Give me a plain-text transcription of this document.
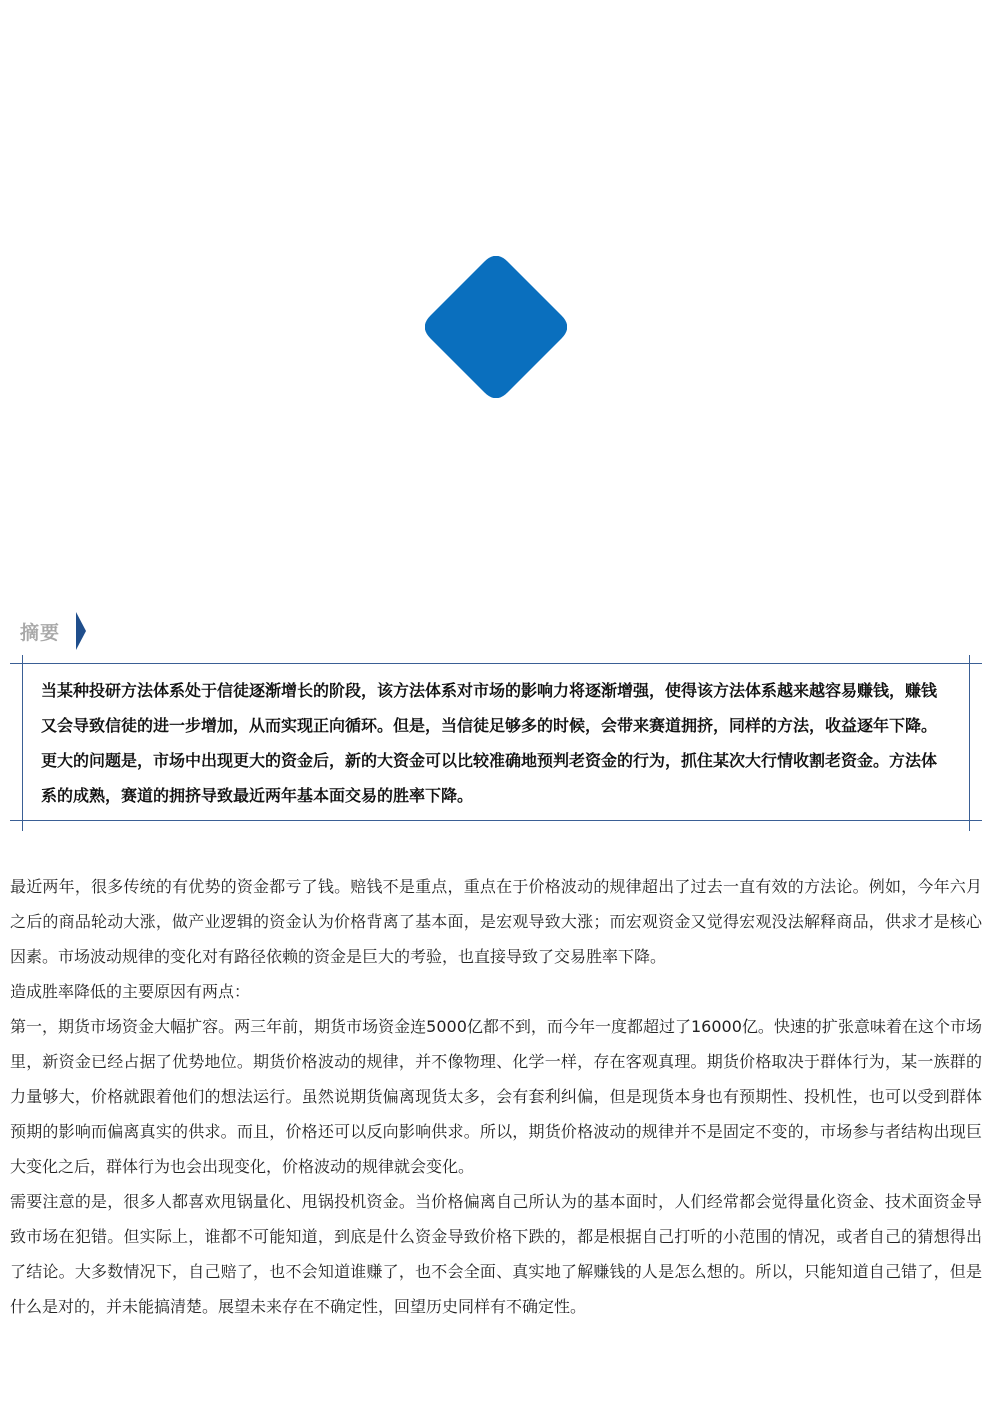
摘要
当某种投研方法体系处于信徒逐渐增长的阶段，该方法体系对市场的影响力将逐渐增强，使得该方法体系越来越容易赚钱，赚钱又会导致信徒的进一步增加，从而实现正向循环。但是，当信徒足够多的时候，会带来赛道拥挤，同样的方法，收益逐年下降。更大的问题是，市场中出现更大的资金后，新的大资金可以比较准确地预判老资金的行为，抓住某次大行情收割老资金。方法体系的成熟，赛道的拥挤导致最近两年基本面交易的胜率下降。

最近两年，很多传统的有优势的资金都亏了钱。赔钱不是重点，重点在于价格波动的规律超出了过去一直有效的方法论。例如，今年六月之后的商品轮动大涨，做产业逻辑的资金认为价格背离了基本面，是宏观导致大涨；而宏观资金又觉得宏观没法解释商品，供求才是核心因素。市场波动规律的变化对有路径依赖的资金是巨大的考验，也直接导致了交易胜率下降。

造成胜率降低的主要原因有两点：

第一，期货市场资金大幅扩容。两三年前，期货市场资金连5000亿都不到，而今年一度都超过了16000亿。快速的扩张意味着在这个市场里，新资金已经占据了优势地位。期货价格波动的规律，并不像物理、化学一样，存在客观真理。期货价格取决于群体行为，某一族群的力量够大，价格就跟着他们的想法运行。虽然说期货偏离现货太多，会有套利纠偏，但是现货本身也有预期性、投机性，也可以受到群体预期的影响而偏离真实的供求。而且，价格还可以反向影响供求。所以，期货价格波动的规律并不是固定不变的，市场参与者结构出现巨大变化之后，群体行为也会出现变化，价格波动的规律就会变化。

需要注意的是，很多人都喜欢甩锅量化、甩锅投机资金。当价格偏离自己所认为的基本面时，人们经常都会觉得量化资金、技术面资金导致市场在犯错。但实际上，谁都不可能知道，到底是什么资金导致价格下跌的，都是根据自己打听的小范围的情况，或者自己的猜想得出了结论。大多数情况下，自己赔了，也不会知道谁赚了，也不会全面、真实地了解赚钱的人是怎么想的。所以，只能知道自己错了，但是什么是对的，并未能搞清楚。展望未来存在不确定性，回望历史同样有不确定性。
